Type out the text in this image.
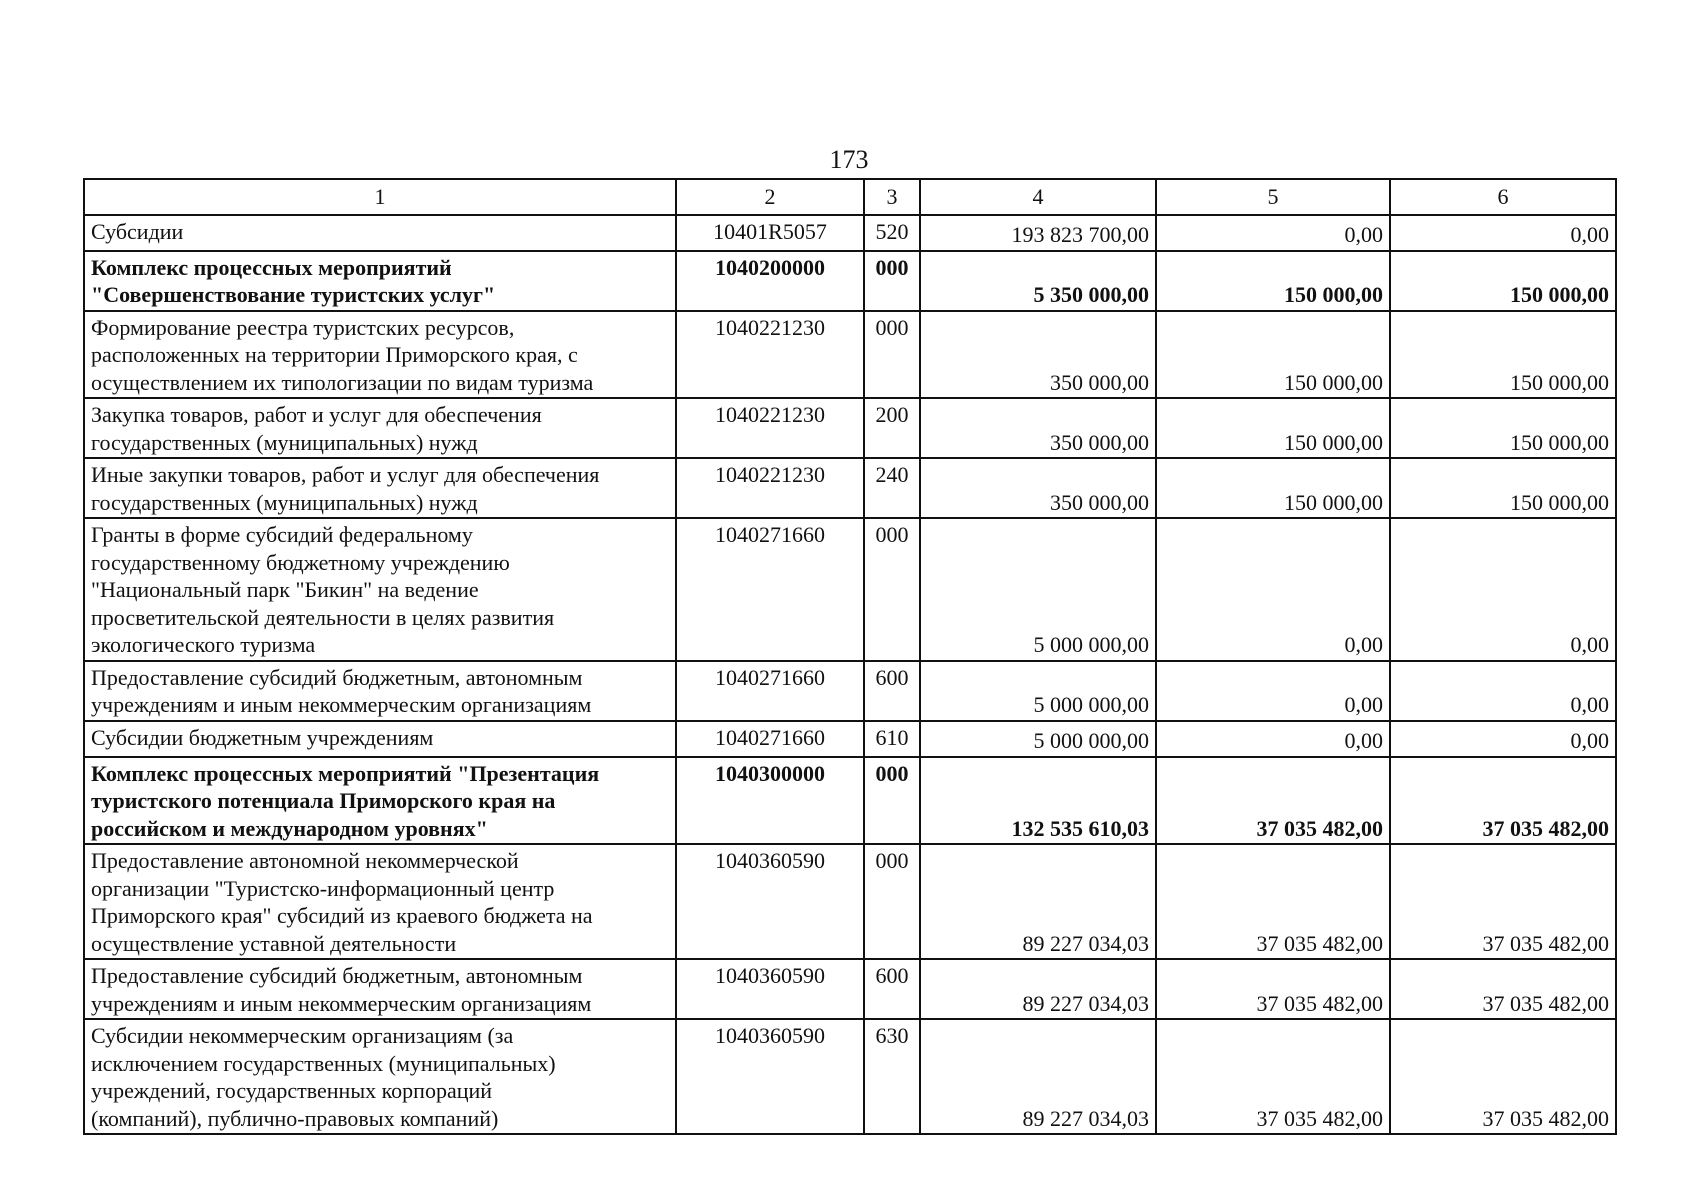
173
1	2	3	4	5	6
Субсидии	10401R5057	520	193 823 700,00	0,00	0,00
Комплекс процессных мероприятий
"Совершенствование туристских услуг"	1040200000	000	5 350 000,00	150 000,00	150 000,00
Формирование реестра туристских ресурсов,
расположенных на территории Приморского края, с
осуществлением их типологизации по видам туризма	1040221230	000	350 000,00	150 000,00	150 000,00
Закупка товаров, работ и услуг для обеспечения
государственных (муниципальных) нужд	1040221230	200	350 000,00	150 000,00	150 000,00
Иные закупки товаров, работ и услуг для обеспечения
государственных (муниципальных) нужд	1040221230	240	350 000,00	150 000,00	150 000,00
Гранты в форме субсидий федеральному
государственному бюджетному учреждению
"Национальный парк "Бикин" на ведение
просветительской деятельности в целях развития
экологического туризма	1040271660	000	5 000 000,00	0,00	0,00
Предоставление субсидий бюджетным, автономным
учреждениям и иным некоммерческим организациям	1040271660	600	5 000 000,00	0,00	0,00
Субсидии бюджетным учреждениям	1040271660	610	5 000 000,00	0,00	0,00
Комплекс процессных мероприятий "Презентация
туристского потенциала Приморского края на
российском и международном уровнях"	1040300000	000	132 535 610,03	37 035 482,00	37 035 482,00
Предоставление автономной некоммерческой
организации "Туристско-информационный центр
Приморского края" субсидий из краевого бюджета на
осуществление уставной деятельности	1040360590	000	89 227 034,03	37 035 482,00	37 035 482,00
Предоставление субсидий бюджетным, автономным
учреждениям и иным некоммерческим организациям	1040360590	600	89 227 034,03	37 035 482,00	37 035 482,00
Субсидии некоммерческим организациям (за
исключением государственных (муниципальных)
учреждений, государственных корпораций
(компаний), публично-правовых компаний)	1040360590	630	89 227 034,03	37 035 482,00	37 035 482,00
